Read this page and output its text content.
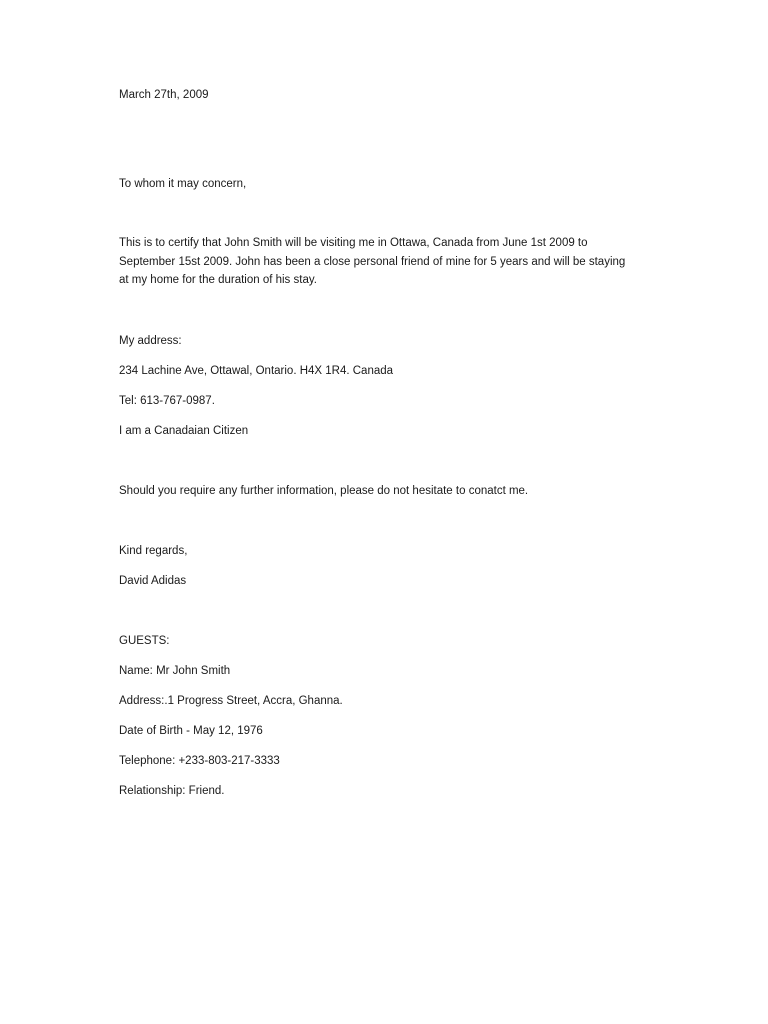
March 27th, 2009

To whom it may concern,

This is to certify that John Smith will be visiting me in Ottawa, Canada from June 1st 2009 to
September 15st 2009. John has been a close personal friend of mine for 5 years and will be staying
at my home for the duration of his stay.

My address:

234 Lachine Ave, Ottawal, Ontario. H4X 1R4. Canada

Tel: 613-767-0987.

I am a Canadaian Citizen

Should you require any further information, please do not hesitate to conatct me.

Kind regards,

David Adidas

GUESTS:

Name: Mr John Smith

Address:.1 Progress Street, Accra, Ghanna.

Date of Birth - May 12, 1976

Telephone: +233-803-217-3333

Relationship: Friend.
